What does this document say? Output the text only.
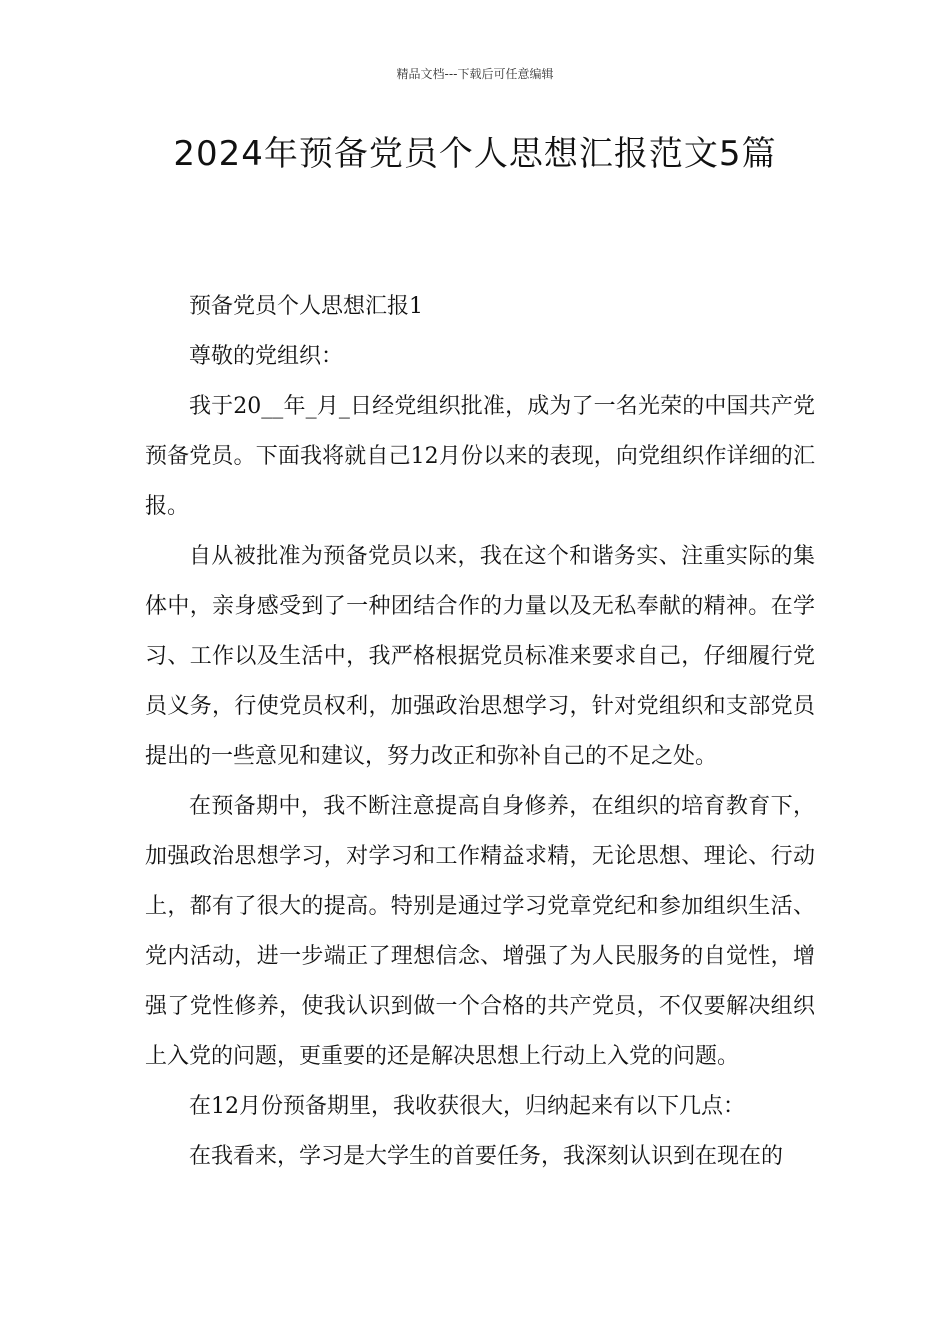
精品文档---下载后可任意编辑
2024年预备党员个人思想汇报范文5篇

预备党员个人思想汇报1

尊敬的党组织：

我于20__年_月_日经党组织批准，成为了一名光荣的中国共产党预备党员。下面我将就自己12月份以来的表现，向党组织作详细的汇报。

自从被批准为预备党员以来，我在这个和谐务实、注重实际的集体中，亲身感受到了一种团结合作的力量以及无私奉献的精神。在学习、工作以及生活中，我严格根据党员标准来要求自己，仔细履行党员义务，行使党员权利，加强政治思想学习，针对党组织和支部党员提出的一些意见和建议，努力改正和弥补自己的不足之处。

在预备期中，我不断注意提高自身修养，在组织的培育教育下，加强政治思想学习，对学习和工作精益求精，无论思想、理论、行动上，都有了很大的提高。特别是通过学习党章党纪和参加组织生活、党内活动，进一步端正了理想信念、增强了为人民服务的自觉性，增强了党性修养，使我认识到做一个合格的共产党员，不仅要解决组织上入党的问题，更重要的还是解决思想上行动上入党的问题。

在12月份预备期里，我收获很大，归纳起来有以下几点：

在我看来，学习是大学生的首要任务，我深刻认识到在现在的
